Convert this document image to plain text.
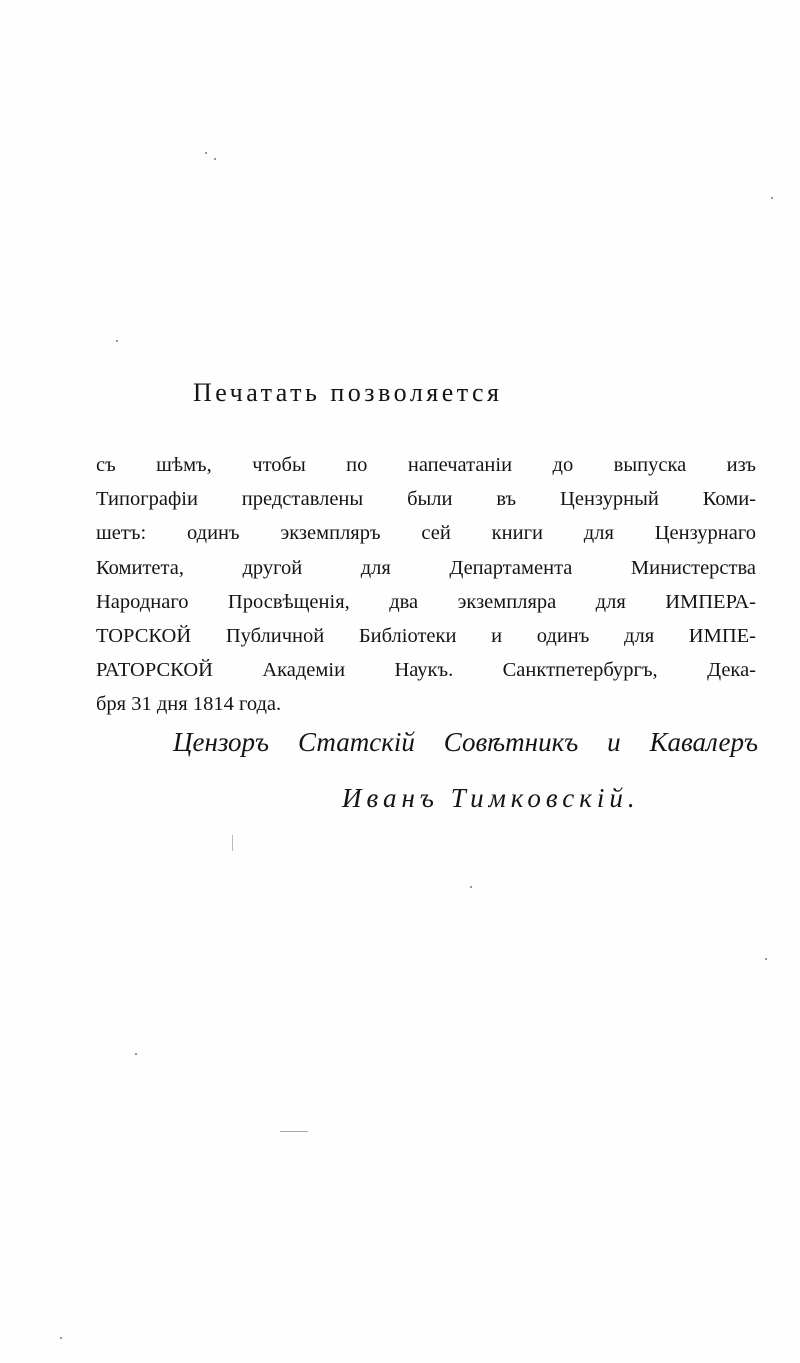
Печатать позволяется
съ шѣмъ, чтобы по напечатаніи до выпуска изъ
Типографіи представлены были въ Цензурный Коми-
шетъ: одинъ экземпляръ сей книги для Цензурнаго
Комитета, другой для Департамента Министерства
Народнаго Просвѣщенія, два экземпляра для ИМПЕРА-
ТОРСКОЙ Публичной Библіотеки и одинъ для ИМПЕ-
РАТОРСКОЙ Академіи Наукъ. Санктпетербургъ, Дека-
бря 31 дня 1814 года.
Цензоръ Статскій Совѣтникъ и Кавалеръ
Иванъ Тимковскій.
